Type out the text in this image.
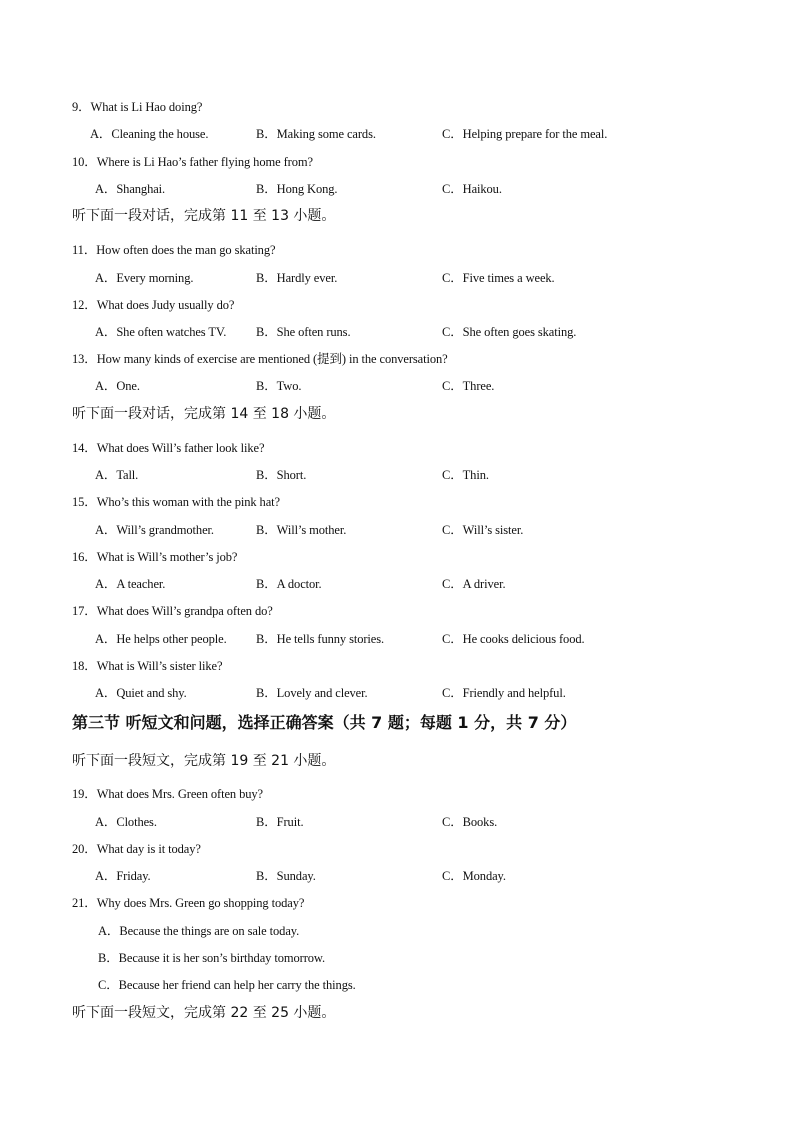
9．What is Li Hao doing?
A．Cleaning the house.	B．Making some cards.	C．Helping prepare for the meal.
10．Where is Li Hao’s father flying home from?
A．Shanghai.	B．Hong Kong.	C．Haikou.
听下面一段对话，完成第 11 至 13 小题。
11．How often does the man go skating?
A．Every morning.	B．Hardly ever.	C．Five times a week.
12．What does Judy usually do?
A．She often watches TV. B．She often runs.	C．She often goes skating.
13．How many kinds of exercise are mentioned (提到) in the conversation?
A．One.	B．Two.	C．Three.
听下面一段对话，完成第 14 至 18 小题。
14．What does Will’s father look like?
A．Tall.	B．Short.	C．Thin.
15．Who’s this woman with the pink hat?
A．Will’s grandmother.	B．Will’s mother.	C．Will’s sister.
16．What is Will’s mother’s job?
A．A teacher.	B．A doctor.	C．A driver.
17．What does Will’s grandpa often do?
A．He helps other people. B．He tells funny stories.	C．He cooks delicious food.
18．What is Will’s sister like?
A．Quiet and shy.	B．Lovely and clever.	C．Friendly and helpful.
第三节 听短文和问题，选择正确答案（共 7 题；每题 1 分，共 7 分）
听下面一段短文，完成第 19 至 21 小题。
19．What does Mrs. Green often buy?
A．Clothes.	B．Fruit.	C．Books.
20．What day is it today?
A．Friday.	B．Sunday.	C．Monday.
21．Why does Mrs. Green go shopping today?
A．Because the things are on sale today.
B．Because it is her son’s birthday tomorrow.
C．Because her friend can help her carry the things.
听下面一段短文，完成第 22 至 25 小题。
